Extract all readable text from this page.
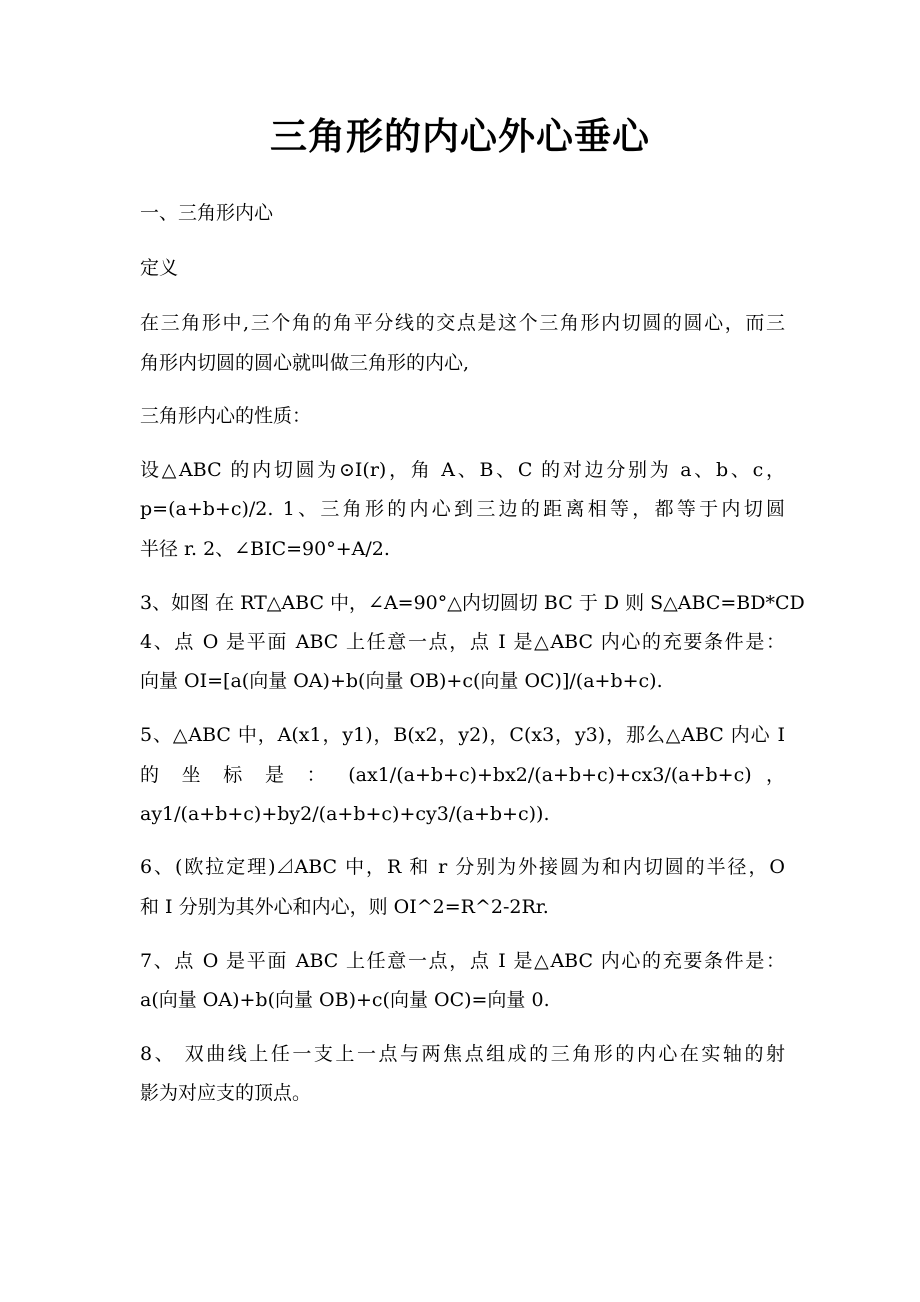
三角形的内心外心垂心
一、三角形内心
定义
在三角形中,三个角的角平分线的交点是这个三角形内切圆的圆心，而三
角形内切圆的圆心就叫做三角形的内心,
三角形内心的性质：
设△ABC 的内切圆为⊙I(r)，角 A、B、C 的对边分别为 a、b、c，
p=(a+b+c)/2. 1、三角形的内心到三边的距离相等，都等于内切圆
半径 r. 2、∠BIC=90°+A/2.
3、如图 在 RT△ABC 中，∠A=90°△内切圆切 BC 于 D 则 S△ABC=BD*CD
4、点 O 是平面 ABC 上任意一点，点 I 是△ABC 内心的充要条件是：
向量 OI=[a(向量 OA)+b(向量 OB)+c(向量 OC)]/(a+b+c).
5、△ABC 中，A(x1，y1)，B(x2，y2)，C(x3，y3)，那么△ABC 内心 I
的 坐 标 是 ： (ax1/(a+b+c)+bx2/(a+b+c)+cx3/(a+b+c) ，
ay1/(a+b+c)+by2/(a+b+c)+cy3/(a+b+c)).
6、(欧拉定理)⊿ABC 中，R 和 r 分别为外接圆为和内切圆的半径，O
和 I 分别为其外心和内心，则 OI^2=R^2-2Rr.
7、点 O 是平面 ABC 上任意一点，点 I 是△ABC 内心的充要条件是：
a(向量 OA)+b(向量 OB)+c(向量 OC)=向量 0.
8、 双曲线上任一支上一点与两焦点组成的三角形的内心在实轴的射
影为对应支的顶点。
